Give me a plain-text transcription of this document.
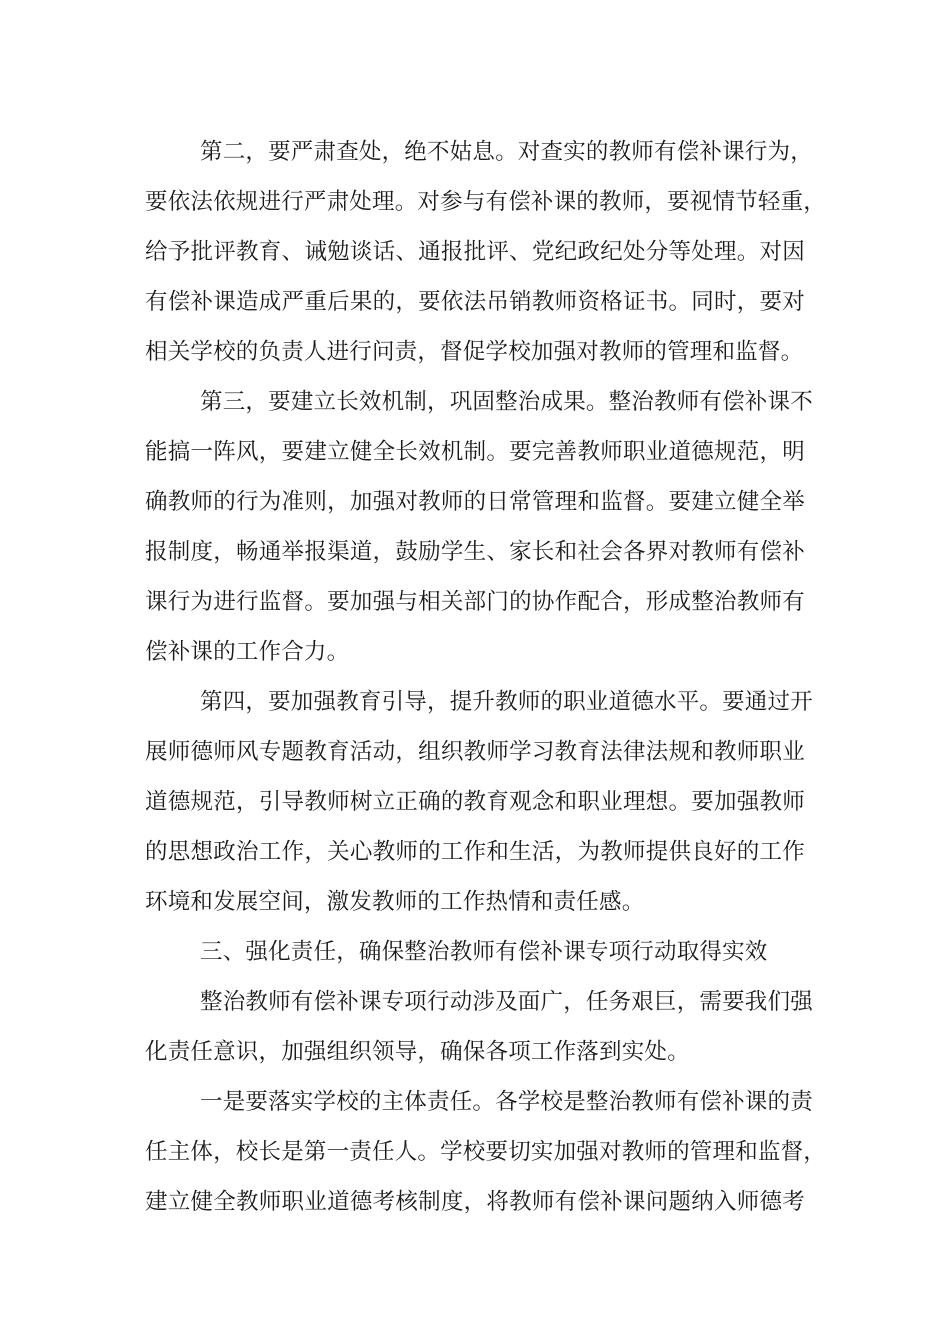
第二，要严肃查处，绝不姑息。对查实的教师有偿补课行为，
要依法依规进行严肃处理。对参与有偿补课的教师，要视情节轻重，
给予批评教育、诫勉谈话、通报批评、党纪政纪处分等处理。对因
有偿补课造成严重后果的，要依法吊销教师资格证书。同时，要对
相关学校的负责人进行问责，督促学校加强对教师的管理和监督。
第三，要建立长效机制，巩固整治成果。整治教师有偿补课不
能搞一阵风，要建立健全长效机制。要完善教师职业道德规范，明
确教师的行为准则，加强对教师的日常管理和监督。要建立健全举
报制度，畅通举报渠道，鼓励学生、家长和社会各界对教师有偿补
课行为进行监督。要加强与相关部门的协作配合，形成整治教师有
偿补课的工作合力。
第四，要加强教育引导，提升教师的职业道德水平。要通过开
展师德师风专题教育活动，组织教师学习教育法律法规和教师职业
道德规范，引导教师树立正确的教育观念和职业理想。要加强教师
的思想政治工作，关心教师的工作和生活，为教师提供良好的工作
环境和发展空间，激发教师的工作热情和责任感。
三、强化责任，确保整治教师有偿补课专项行动取得实效
整治教师有偿补课专项行动涉及面广，任务艰巨，需要我们强
化责任意识，加强组织领导，确保各项工作落到实处。
一是要落实学校的主体责任。各学校是整治教师有偿补课的责
任主体，校长是第一责任人。学校要切实加强对教师的管理和监督，
建立健全教师职业道德考核制度，将教师有偿补课问题纳入师德考
